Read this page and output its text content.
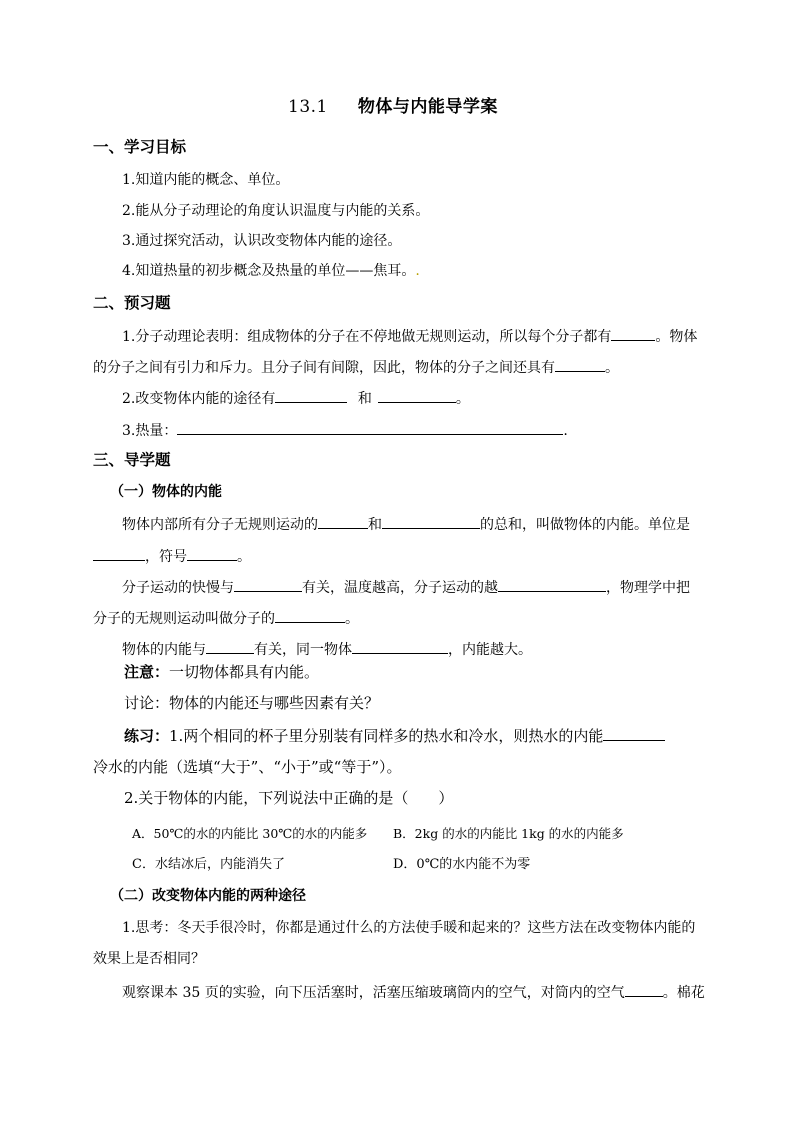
13.1 物体与内能导学案
一、学习目标
1.知道内能的概念、单位。
2.能从分子动理论的角度认识温度与内能的关系。
3.通过探究活动，认识改变物体内能的途径。
4.知道热量的初步概念及热量的单位——焦耳。.
二、预习题
1.分子动理论表明：组成物体的分子在不停地做无规则运动，所以每个分子都有	。物体
的分子之间有引力和斥力。且分子间有间隙，因此，物体的分子之间还具有	。
2.改变物体内能的途径有	和	。
3.热量：	.
三、导学题
（一）物体的内能
物体内部所有分子无规则运动的	和	的总和，叫做物体的内能。单位是
，符号	。
分子运动的快慢与	有关，温度越高，分子运动的越	，物理学中把
分子的无规则运动叫做分子的	。
物体的内能与	有关，同一物体	，内能越大。
注意：一切物体都具有内能。
讨论：物体的内能还与哪些因素有关？
练习：1.两个相同的杯子里分别装有同样多的热水和冷水，则热水的内能
冷水的内能（选填“大于”、“小于”或“等于”）。
2.关于物体的内能，下列说法中正确的是（　　）
A．50℃的水的内能比 30℃的水的内能多 B．2kg 的水的内能比 1kg 的水的内能多
C．水结冰后，内能消失了	D．0℃的水内能不为零
（二）改变物体内能的两种途径
1.思考：冬天手很冷时，你都是通过什么的方法使手暖和起来的？这些方法在改变物体内能的
效果上是否相同？
观察课本 35 页的实验，向下压活塞时，活塞压缩玻璃筒内的空气，对筒内的空气	。棉花
